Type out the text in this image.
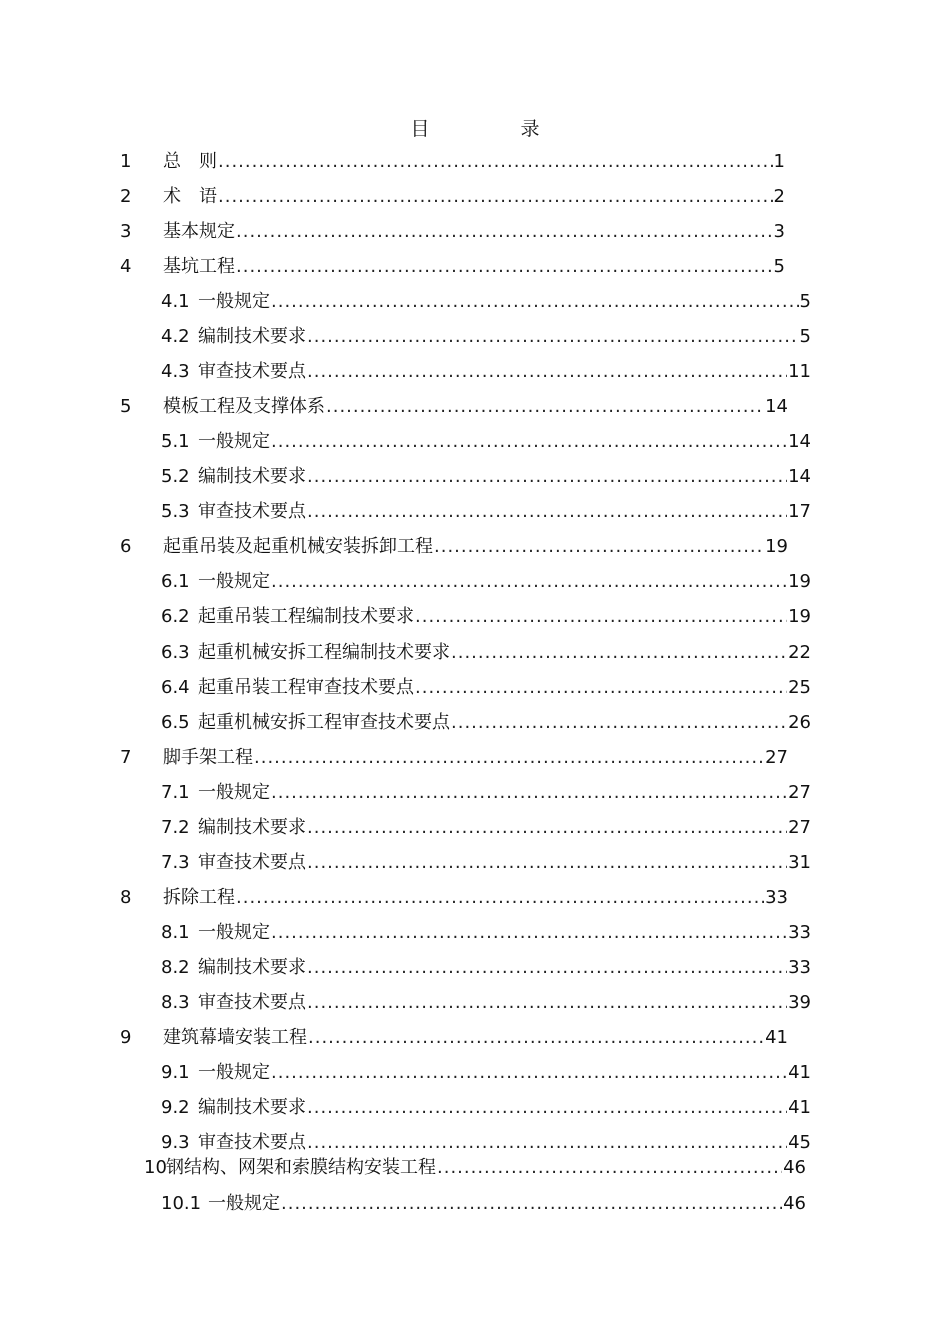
目　录
1	总　则 .....	1
2	术　语 .....	2
3	基本规定 .....	3
4	基坑工程 .....	5
4.1 一般规定 .....	5
4.2 编制技术要求 .....	5
4.3 审查技术要点 .....	11
5	模板工程及支撑体系 .....	14
5.1 一般规定 .....	14
5.2 编制技术要求 .....	14
5.3 审查技术要点 .....	17
6	起重吊装及起重机械安装拆卸工程 .....	19
6.1 一般规定 .....	19
6.2 起重吊装工程编制技术要求 .....	19
6.3 起重机械安拆工程编制技术要求 .....	22
6.4 起重吊装工程审查技术要点 .....	25
6.5 起重机械安拆工程审查技术要点 .....	26
7	脚手架工程 .....	27
7.1 一般规定 .....	27
7.2 编制技术要求 .....	27
7.3 审查技术要点 .....	31
8	拆除工程 .....	33
8.1 一般规定 .....	33
8.2 编制技术要求 .....	33
8.3 审查技术要点 .....	39
9	建筑幕墙安装工程 .....	41
9.1 一般规定 .....	41
9.2 编制技术要求 .....	41
9.3 审查技术要点 .....	45
10 钢结构、网架和索膜结构安装工程 .....	46
10.1 一般规定 .....	46
